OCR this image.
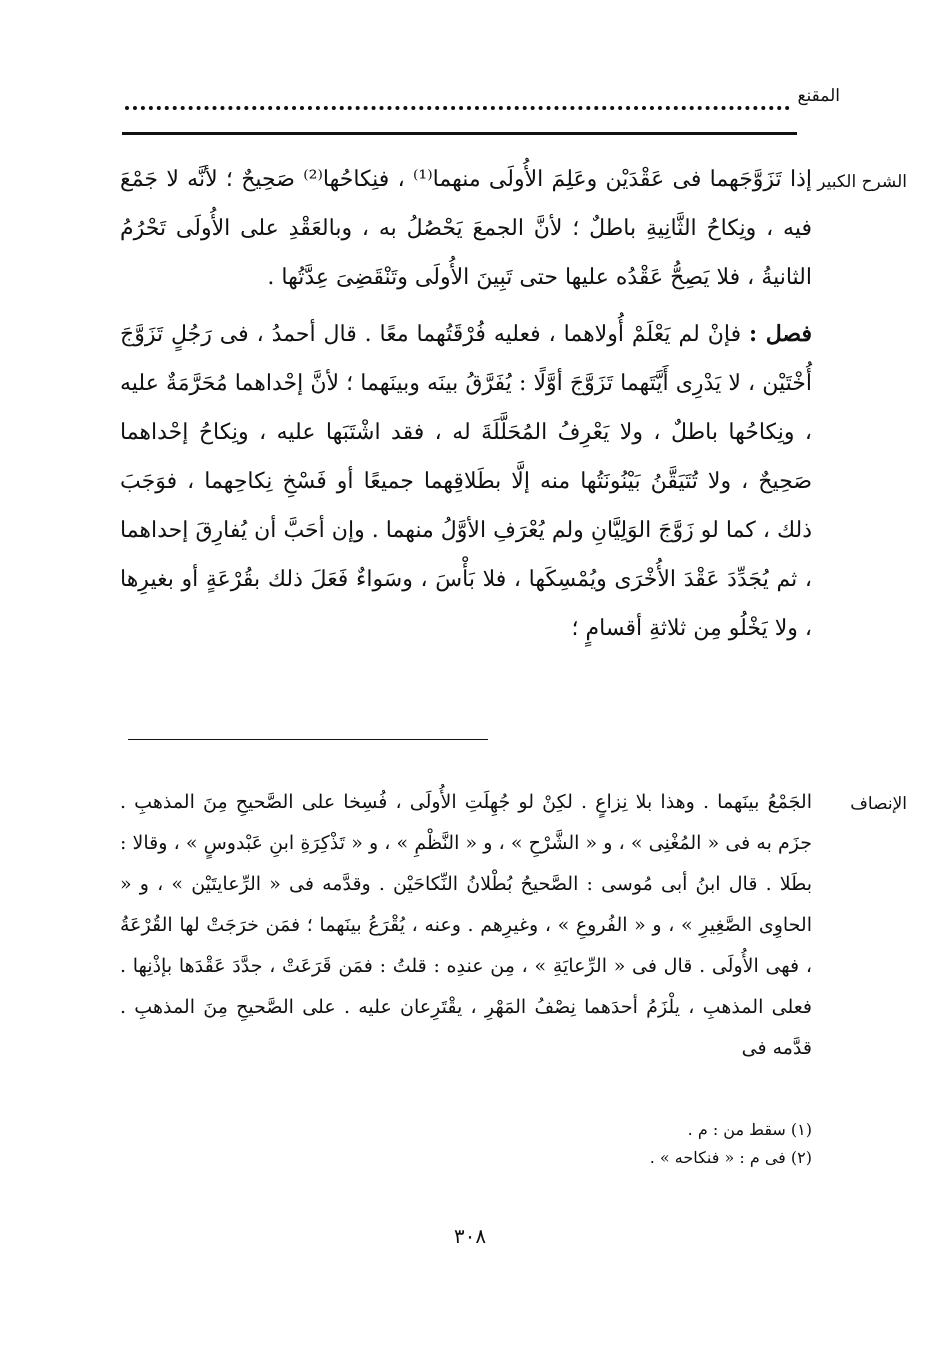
المقنع
الشرح الكبير

إذا تَزَوَّجَهما فى عَقْدَيْن وعَلِمَ الأُولَى منهما⁽¹⁾ ، فنِكاحُها⁽²⁾ صَحِيحٌ ؛ لأنَّه لا جَمْعَ فيه ، ونِكاحُ الثَّانِيةِ باطلٌ ؛ لأنَّ الجمعَ يَحْصُلُ به ، وبالعَقْدِ على الأُولَى تَحْرُمُ الثانيةُ ، فلا يَصِحُّ عَقْدُه عليها حتى تَبِينَ الأُولَى وتَنْقَضِىَ عِدَّتُها .

فصل : فإنْ لم يَعْلَمْ أُولاهما ، فعليه فُرْقَتُهما معًا . قال أحمدُ ، فى رَجُلٍ تَزَوَّجَ أُخْتَيْن ، لا يَدْرِى أَيَّتَهما تَزَوَّجَ أوَّلًا : يُفَرَّقُ بينَه وبينَهما ؛ لأنَّ إحْداهما مُحَرَّمَةٌ عليه ، ونِكاحُها باطلٌ ، ولا يَعْرِفُ المُحَلَّلَةَ له ، فقد اشْتَبَها عليه ، ونِكاحُ إحْداهما صَحِيحٌ ، ولا تُتَيَقَّنُ بَيْنُونَتُها منه إلَّا بطَلاقِهما جميعًا أو فَسْخِ نِكاحِهما ، فوَجَبَ ذلك ، كما لو زَوَّجَ الوَلِيَّانِ ولم يُعْرَفِ الأوَّلُ منهما . وإن أحَبَّ أن يُفارِقَ إحداهما ، ثم يُجَدِّدَ عَقْدَ الأُخْرَى ويُمْسِكَها ، فلا بَأْسَ ، وسَواءٌ فَعَلَ ذلك بقُرْعَةٍ أو بغيرِها ، ولا يَخْلُو مِن ثلاثةِ أقسامٍ ؛

الإنصاف

الجَمْعُ بينَهما . وهذا بلا نِزاعٍ . لكِنْ لو جُهِلَتِ الأُولَى ، فُسِخا على الصَّحيحِ مِنَ المذهبِ . جزَم به فى « المُغْنِى » ، و « الشَّرْحِ » ، و « النَّظْمِ » ، و « تَذْكِرَةِ ابنِ عَبْدوسٍ » ، وقالا : بطَلا . قال ابنُ أبى مُوسى : الصَّحيحُ بُطْلانُ النِّكاحَيْن . وقدَّمه فى « الرِّعايتَيْن » ، و « الحاوِى الصَّغِيرِ » ، و « الفُروعِ » ، وغيرِهم . وعنه ، يُقْرَعُ بينَهما ؛ فمَن خرَجَتْ لها القُرْعَةُ ، فهى الأُولَى . قال فى « الرِّعايَةِ » ، مِن عندِه : قلتُ : فمَن قَرَعَتْ ، جدَّدَ عَقْدَها بإذْنِها . فعلى المذهبِ ، يلْزَمُ أحدَهما نِصْفُ المَهْرِ ، يقْتَرِعان عليه . على الصَّحيحِ مِنَ المذهبِ . قدَّمه فى

(١) سقط من : م .
(٢) فى م : « فنكاحه » .
٣٠٨
